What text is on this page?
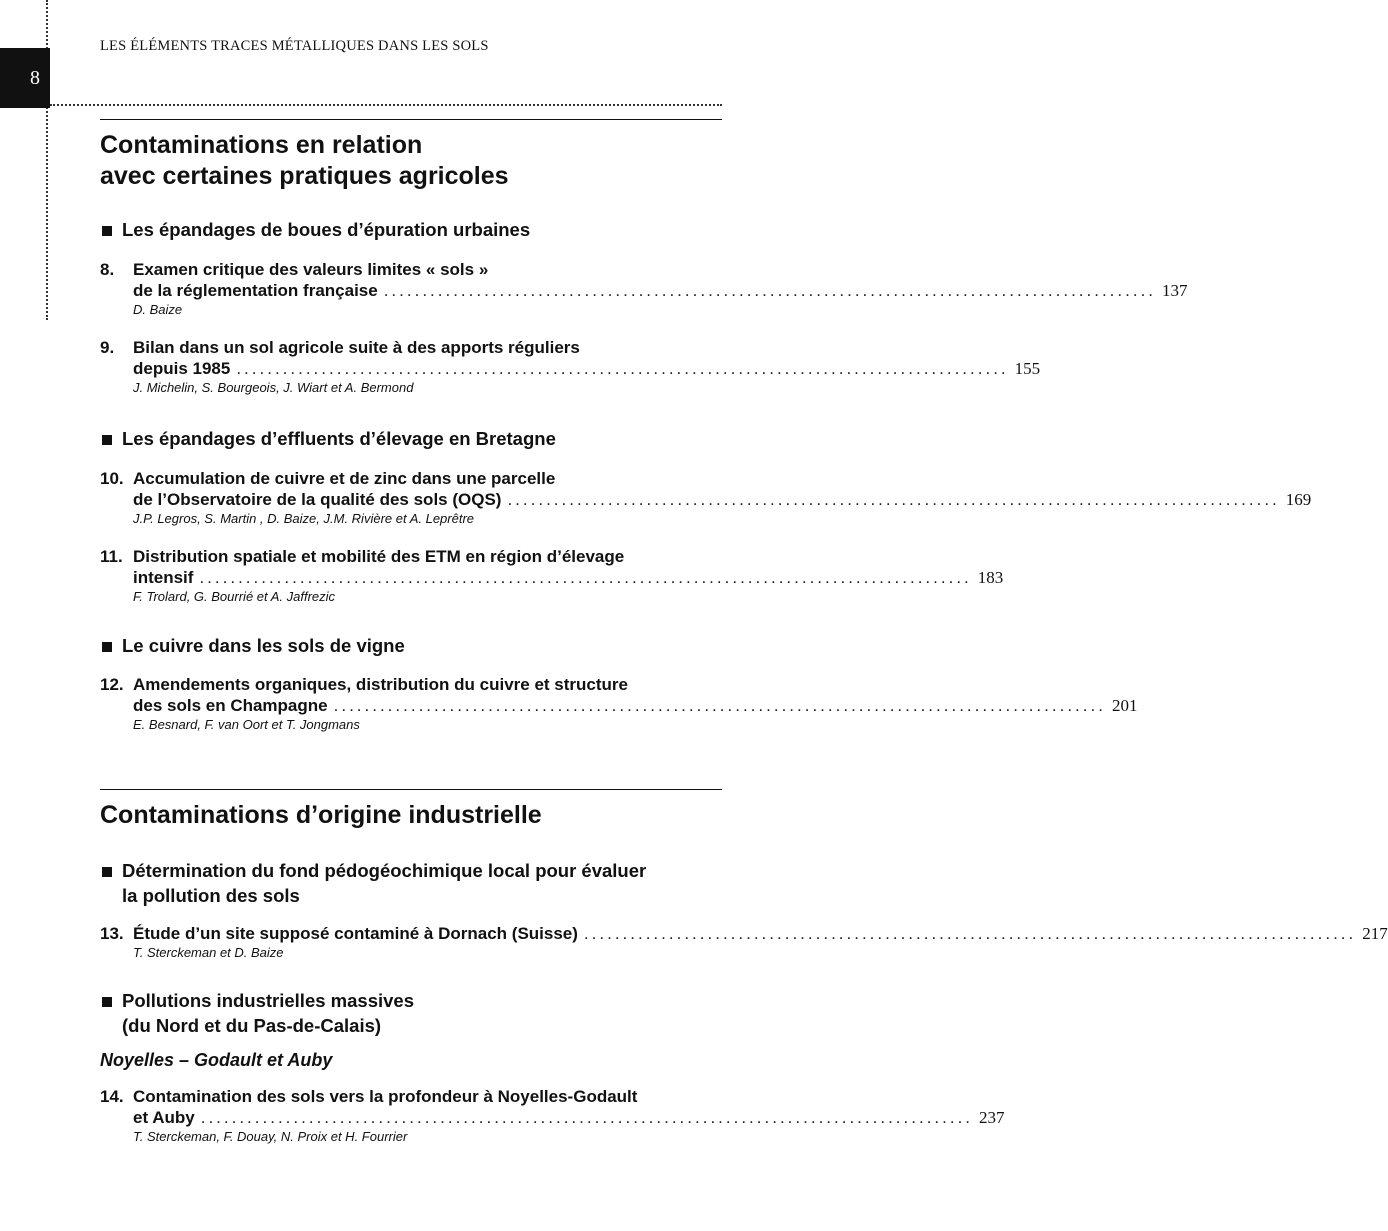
8
LES ÉLÉMENTS TRACES MÉTALLIQUES DANS LES SOLS
Contaminations en relation
avec certaines pratiques agricoles
Les épandages de boues d’épuration urbaines
8. Examen critique des valeurs limites « sols »
de la réglementation française .................................................................................................... 137
D. Baize
9. Bilan dans un sol agricole suite à des apports réguliers
depuis 1985 .................................................................................................... 155
J. Michelin, S. Bourgeois, J. Wiart et A. Bermond
Les épandages d’effluents d’élevage en Bretagne
10. Accumulation de cuivre et de zinc dans une parcelle
de l’Observatoire de la qualité des sols (OQS) .................................................................................................... 169
J.P. Legros, S. Martin , D. Baize, J.M. Rivière et A. Leprêtre
11. Distribution spatiale et mobilité des ETM en région d’élevage
intensif .................................................................................................... 183
F. Trolard, G. Bourrié et A. Jaffrezic
Le cuivre dans les sols de vigne
12. Amendements organiques, distribution du cuivre et structure
des sols en Champagne .................................................................................................... 201
E. Besnard, F. van Oort et T. Jongmans
Contaminations d’origine industrielle
Détermination du fond pédogéochimique local pour évaluer
la pollution des sols
13. Étude d’un site supposé contaminé à Dornach (Suisse) .................................................................................................... 217
T. Sterckeman et D. Baize
Pollutions industrielles massives
(du Nord et du Pas-de-Calais)
Noyelles – Godault et Auby
14. Contamination des sols vers la profondeur à Noyelles-Godault
et Auby .................................................................................................... 237
T. Sterckeman, F. Douay, N. Proix et H. Fourrier
